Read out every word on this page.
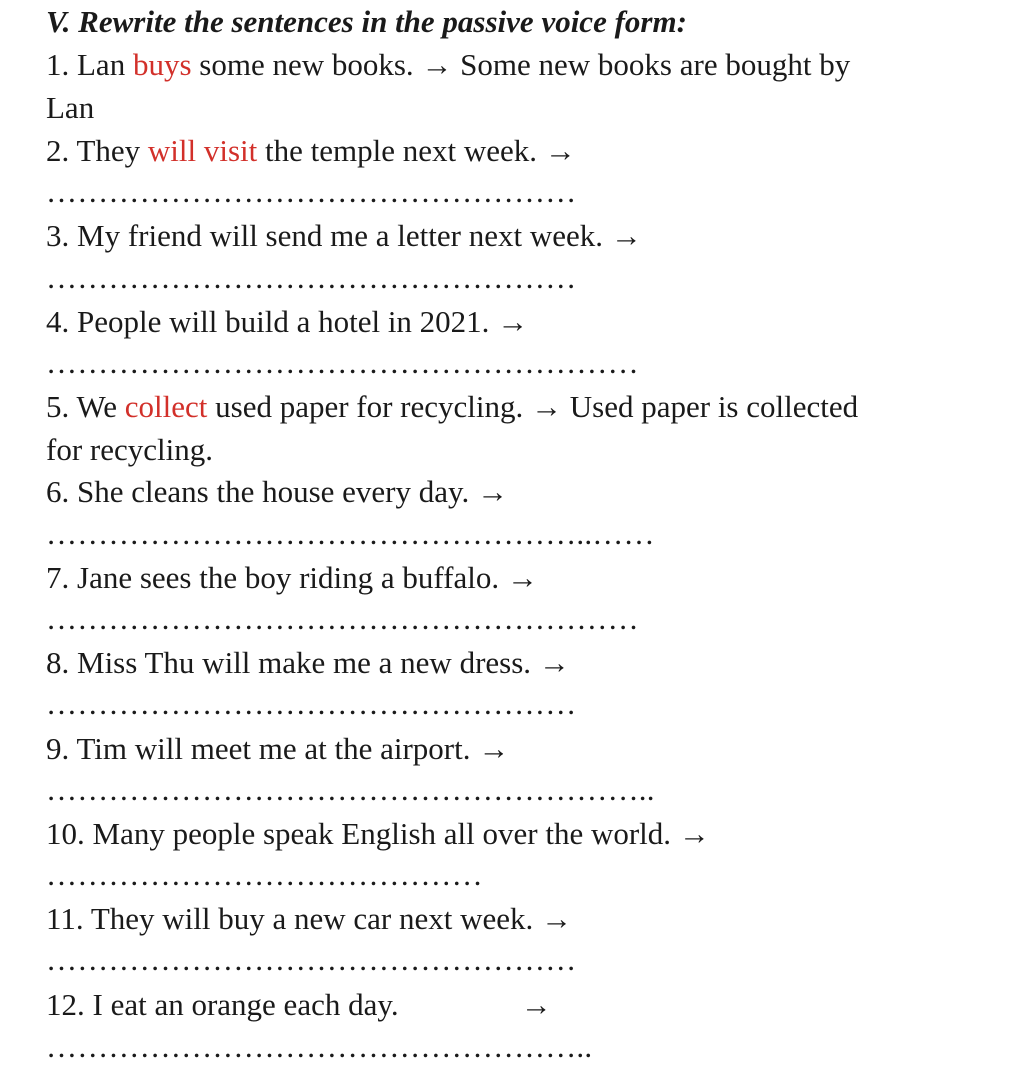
V. Rewrite the sentences in the passive voice form:
1. Lan buys some new books. → Some new books are bought by
Lan
2. They will visit the temple next week. →
……………………………………………
3. My friend will send me a letter next week. →
……………………………………………
4. People will build a hotel in 2021. →
…………………………………………………
5. We collect used paper for recycling. → Used paper is collected
for recycling.
6. She cleans the house every day. →
……………………………………………..……
7. Jane sees the boy riding a buffalo. →
…………………………………………………
8. Miss Thu will make me a new dress. →
……………………………………………
9. Tim will meet me at the airport. →
…………………………………………………..
10. Many people speak English all over the world. →
……………………………………
11. They will buy a new car next week. →
……………………………………………
12. I eat an orange each day.	→
……………………………………………..
